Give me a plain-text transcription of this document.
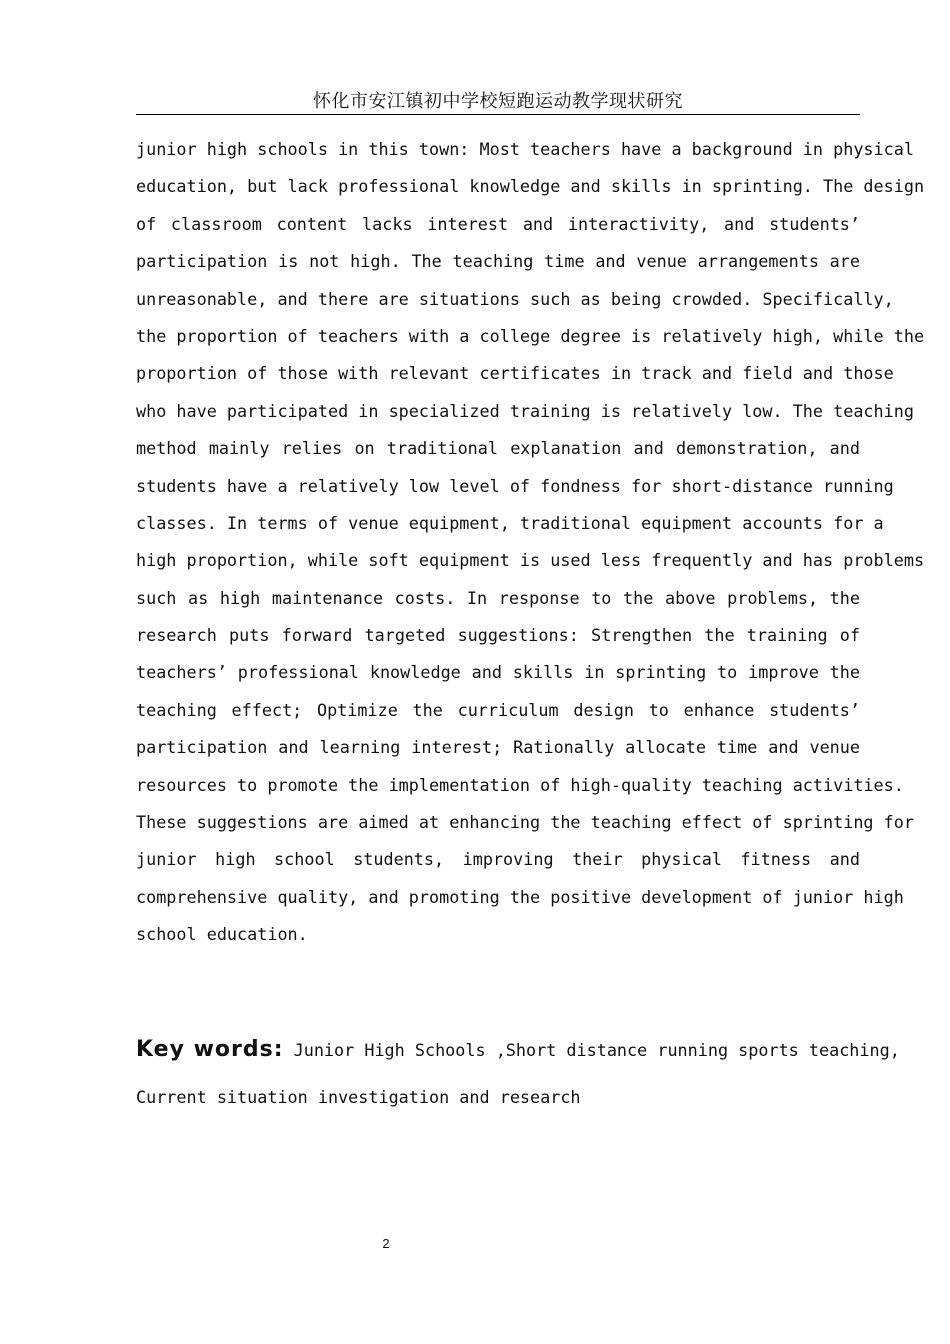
怀化市安江镇初中学校短跑运动教学现状研究
junior high schools in this town: Most teachers have a background in physical
education, but lack professional knowledge and skills in sprinting. The design
of classroom content lacks interest and interactivity, and students’
participation is not high. The teaching time and venue arrangements are
unreasonable, and there are situations such as being crowded. Specifically,
the proportion of teachers with a college degree is relatively high, while the
proportion of those with relevant certificates in track and field and those
who have participated in specialized training is relatively low. The teaching
method mainly relies on traditional explanation and demonstration, and
students have a relatively low level of fondness for short-distance running
classes. In terms of venue equipment, traditional equipment accounts for a
high proportion, while soft equipment is used less frequently and has problems
such as high maintenance costs. In response to the above problems, the
research puts forward targeted suggestions: Strengthen the training of
teachers’ professional knowledge and skills in sprinting to improve the
teaching effect; Optimize the curriculum design to enhance students’
participation and learning interest; Rationally allocate time and venue
resources to promote the implementation of high-quality teaching activities.
These suggestions are aimed at enhancing the teaching effect of sprinting for
junior high school students, improving their physical fitness and
comprehensive quality, and promoting the positive development of junior high
school education.
Key words: Junior High Schools ,Short distance running sports teaching,
Current situation investigation and research
2
